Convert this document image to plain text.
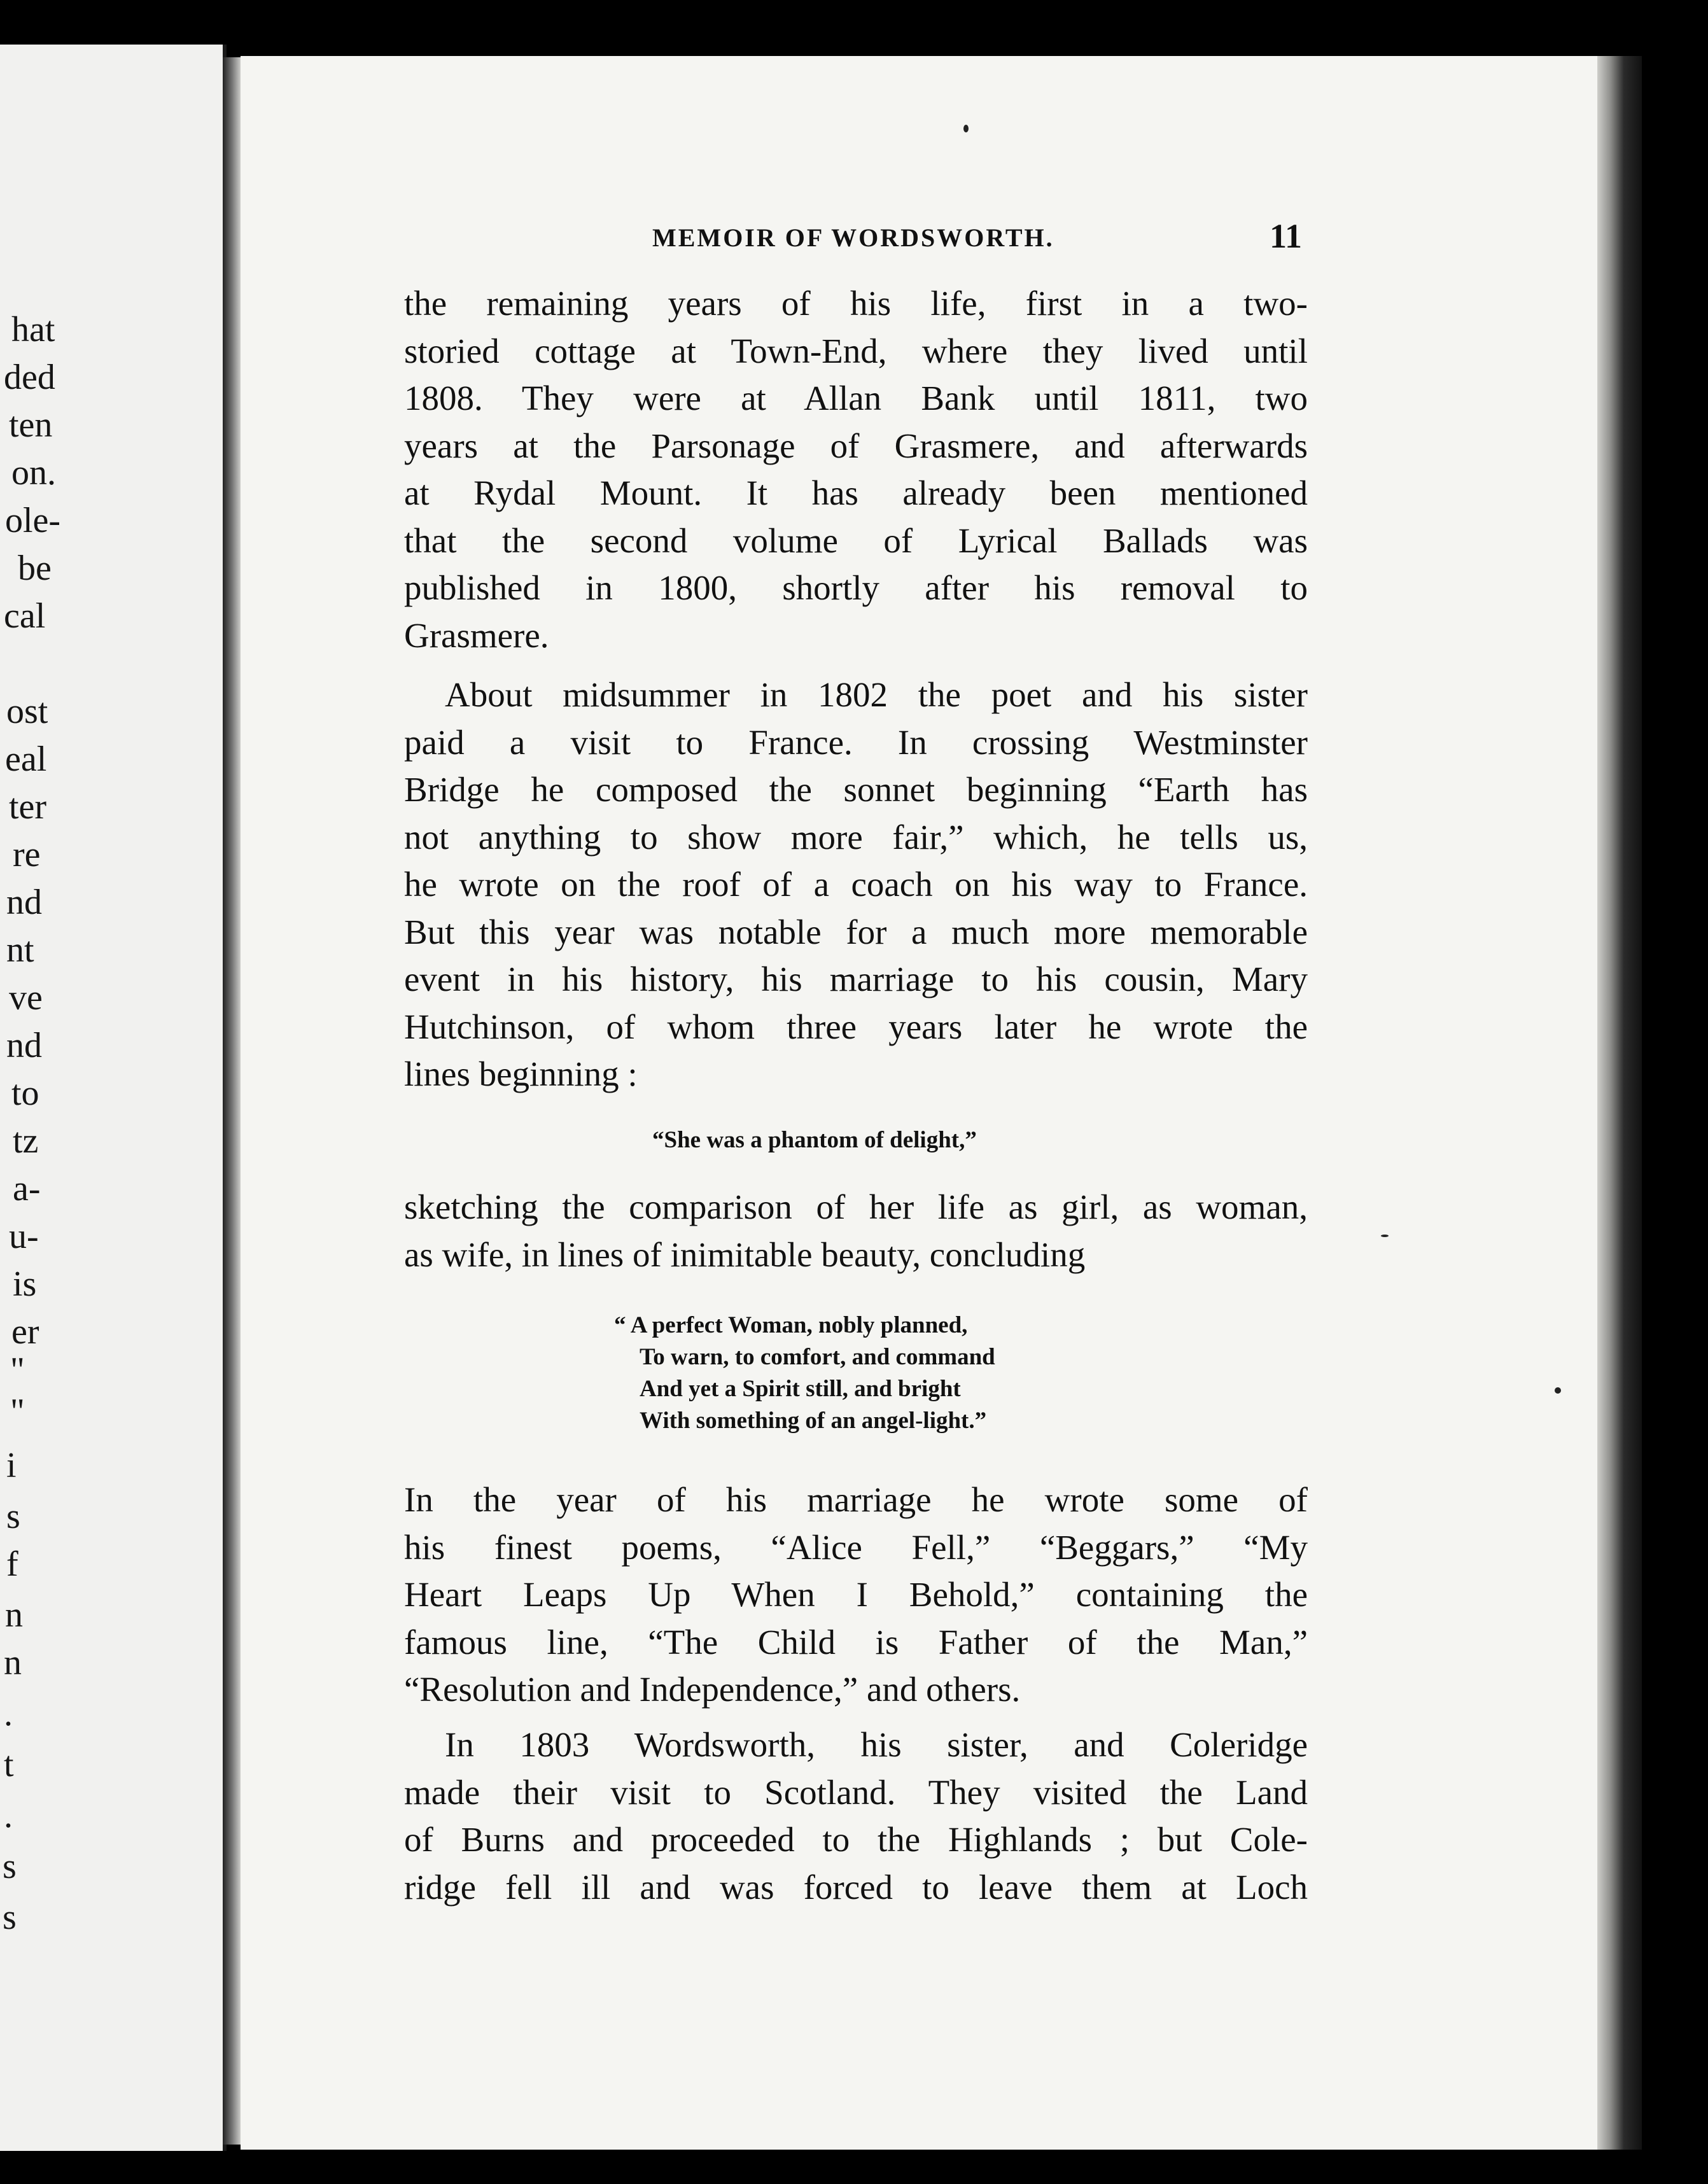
hat
ded
ten
on.
ole-
be
cal
ost
eal
ter
re
nd
nt
ve
nd
to
tz
a-
u-
is
er
"
"
i
s
f
n
n
.
t
.
s
s
MEMOIR OF WORDSWORTH.	11
the remaining years of his life, first in a two-
storied cottage at Town-End, where they lived until
1808. They were at Allan Bank until 1811, two
years at the Parsonage of Grasmere, and afterwards
at Rydal Mount. It has already been mentioned
that the second volume of Lyrical Ballads was
published in 1800, shortly after his removal to
Grasmere.
About midsummer in 1802 the poet and his sister
paid a visit to France. In crossing Westminster
Bridge he composed the sonnet beginning “Earth has
not anything to show more fair,” which, he tells us,
he wrote on the roof of a coach on his way to France.
But this year was notable for a much more memorable
event in his history, his marriage to his cousin, Mary
Hutchinson, of whom three years later he wrote the
lines beginning :
“She was a phantom of delight,”
sketching the comparison of her life as girl, as woman,
as wife, in lines of inimitable beauty, concluding
“ A perfect Woman, nobly planned,
To warn, to comfort, and command
And yet a Spirit still, and bright
With something of an angel-light.”
In the year of his marriage he wrote some of
his finest poems, “Alice Fell,” “Beggars,” “My
Heart Leaps Up When I Behold,” containing the
famous line, “The Child is Father of the Man,”
“Resolution and Independence,” and others.
In 1803 Wordsworth, his sister, and Coleridge
made their visit to Scotland. They visited the Land
of Burns and proceeded to the Highlands ; but Cole-
ridge fell ill and was forced to leave them at Loch
